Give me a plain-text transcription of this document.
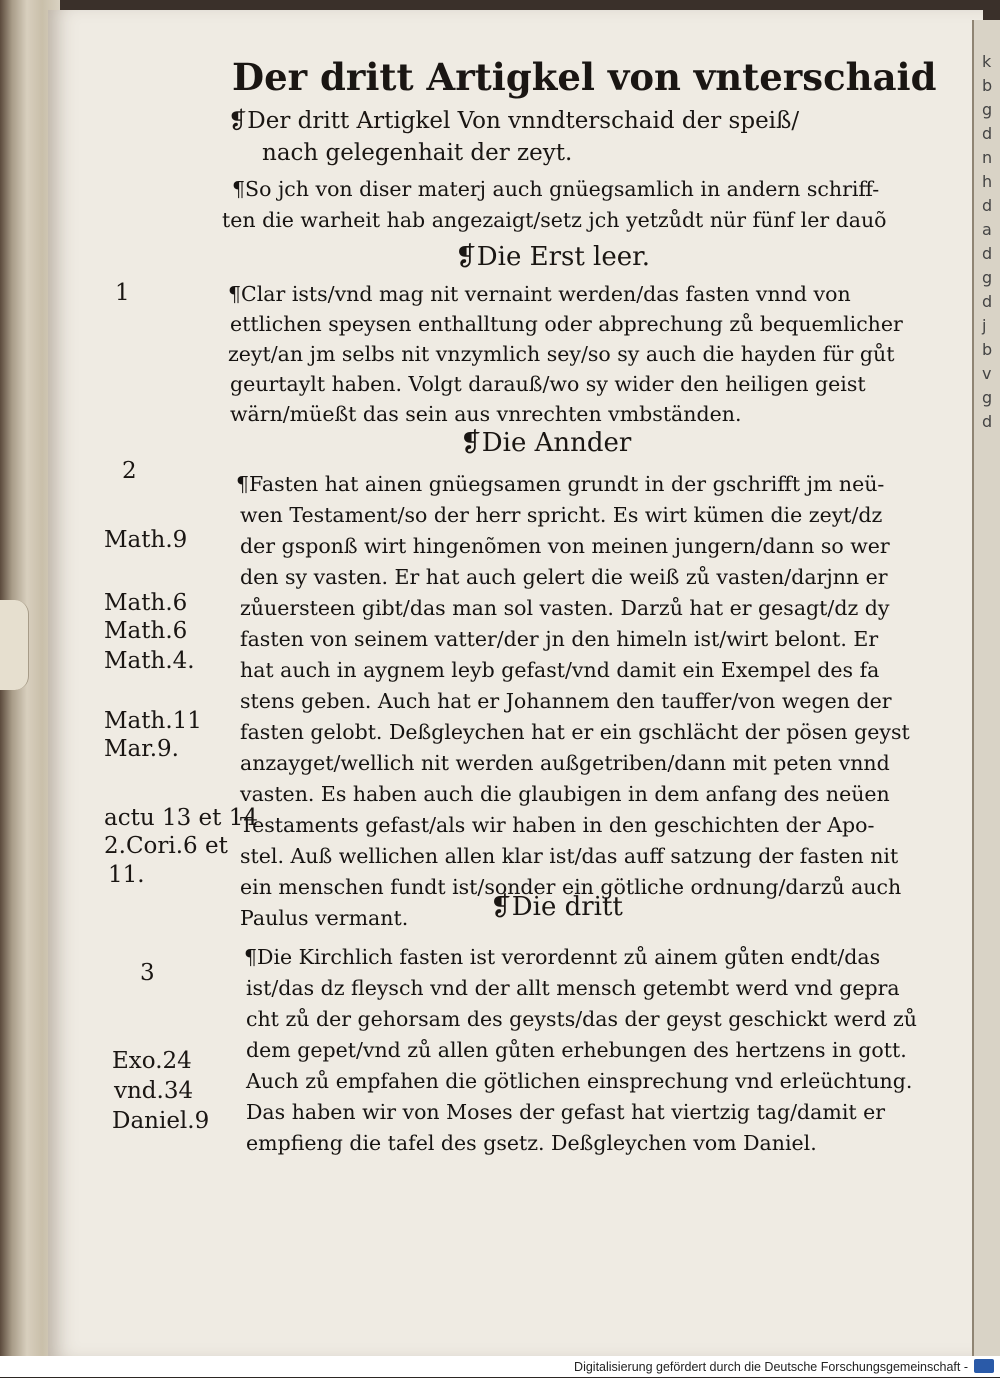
k
b
g
d
n
h
d
a
d
g
d
j
b
v
g
d
Der dritt Artigkel von vnterschaid
❡Der dritt Artigkel Von vnndterschaid der speiß/
nach gelegenhait der zeyt.
¶So jch von diser materj auch gnüegsamlich in andern schriff-
ten die warheit hab angezaigt/setz jch yetzůdt nür fünf ler dauõ
❡Die Erst leer.
¶Clar ists/vnd mag nit vernaint werden/das fasten vnnd von
ettlichen speysen enthalltung oder abprechung zů bequemlicher
zeyt/an jm selbs nit vnzymlich sey/so sy auch die hayden für gůt
geurtaylt haben. Volgt darauß/wo sy wider den heiligen geist
wärn/müeßt das sein aus vnrechten vmbständen.
❡Die Annder
¶Fasten hat ainen gnüegsamen grundt in der gschrifft jm neü-
wen Testament/so der herr spricht. Es wirt kümen die zeyt/dz
der gsponß wirt hingenõmen von meinen jungern/dann so wer
den sy vasten. Er hat auch gelert die weiß zů vasten/darjnn er
zůuersteen gibt/das man sol vasten. Darzů hat er gesagt/dz dy
fasten von seinem vatter/der jn den himeln ist/wirt belont. Er
hat auch in aygnem leyb gefast/vnd damit ein Exempel des fa
stens geben. Auch hat er Johannem den tauffer/von wegen der
fasten gelobt. Deßgleychen hat er ein gschlächt der pösen geyst
anzayget/wellich nit werden außgetriben/dann mit peten vnnd
vasten. Es haben auch die glaubigen in dem anfang des neüen
Testaments gefast/als wir haben in den geschichten der Apo-
stel. Auß wellichen allen klar ist/das auff satzung der fasten nit
ein menschen fundt ist/sonder ein götliche ordnung/darzů auch
Paulus vermant.	❡Die dritt
¶Die Kirchlich fasten ist verordennt zů ainem gůten endt/das
ist/das dz fleysch vnd der allt mensch getembt werd vnd gepra
cht zů der gehorsam des geysts/das der geyst geschickt werd zů
dem gepet/vnd zů allen gůten erhebungen des hertzens in gott.
Auch zů empfahen die götlichen einsprechung vnd erleüchtung.
Das haben wir von Moses der gefast hat viertzig tag/damit er
empfieng die tafel des gsetz. Deßgleychen vom Daniel.
1
2
Math.9
Math.6
Math.6
Math.4.
Math.11
Mar.9.
actu 13 et 14
2.Cori.6 et
11.
3
Exo.24
vnd.34
Daniel.9
Digitalisierung gefördert durch die Deutsche Forschungsgemeinschaft -
